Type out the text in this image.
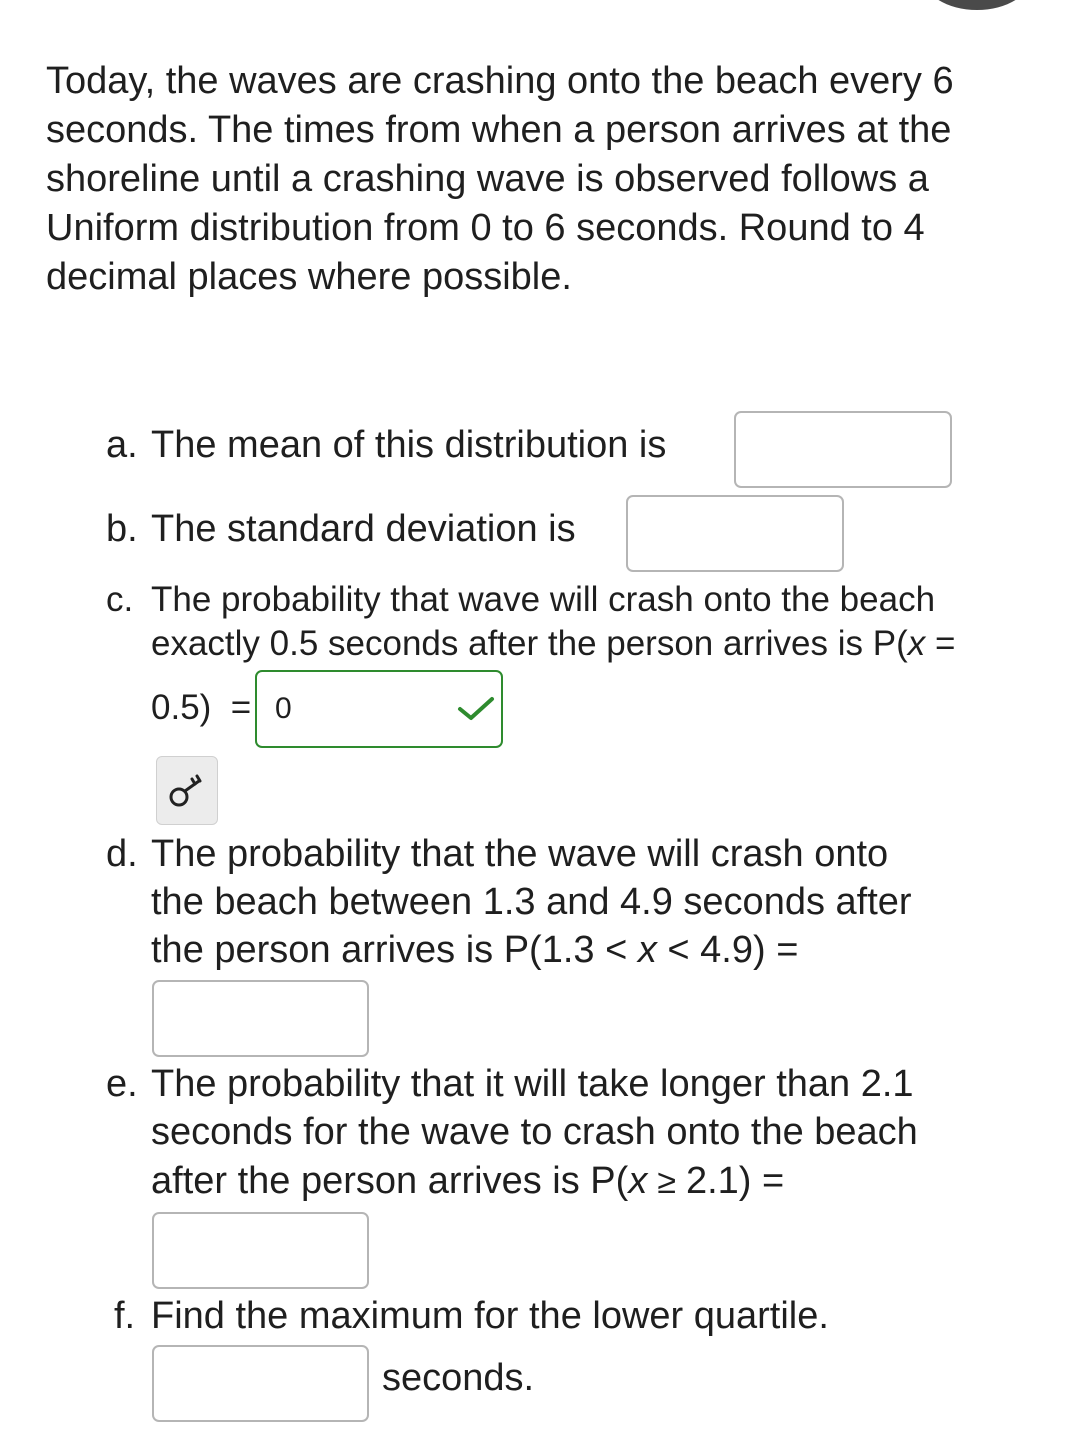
Today, the waves are crashing onto the beach every 6 seconds. The times from when a person arrives at the shoreline until a crashing wave is observed follows a Uniform distribution from 0 to 6 seconds. Round to 4 decimal places where possible.

a. The mean of this distribution is
b. The standard deviation is
c. The probability that wave will crash onto the beach
exactly 0.5 seconds after the person arrives is P(x =
0.5)  = 0
d. The probability that the wave will crash onto
the beach between 1.3 and 4.9 seconds after
the person arrives is P(1.3 < x < 4.9) =
e. The probability that it will take longer than 2.1
seconds for the wave to crash onto the beach
after the person arrives is P(x ≥ 2.1) =
f. Find the maximum for the lower quartile.
seconds.
